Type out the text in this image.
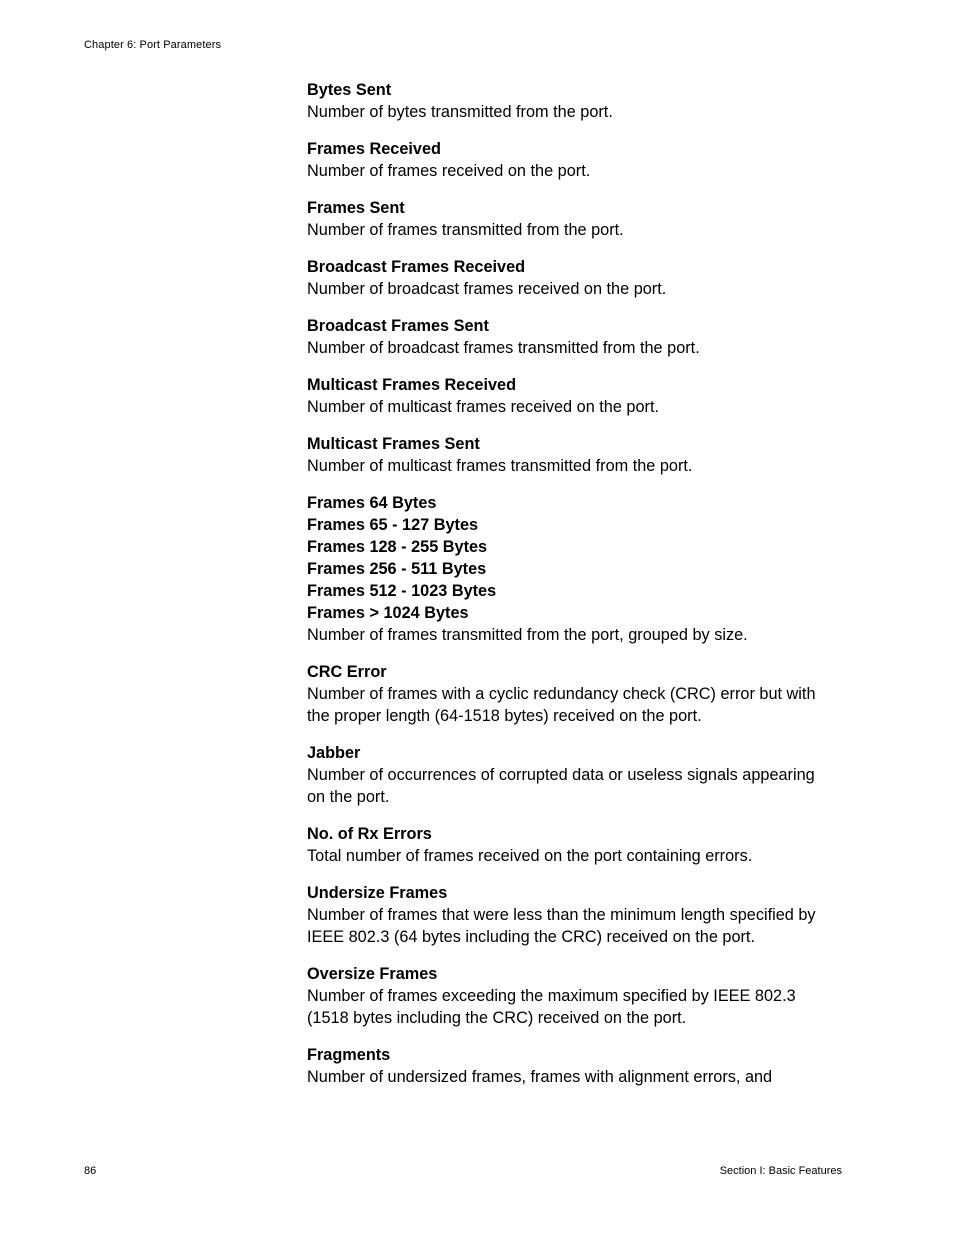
Chapter 6: Port Parameters
Bytes Sent
Number of bytes transmitted from the port.
Frames Received
Number of frames received on the port.
Frames Sent
Number of frames transmitted from the port.
Broadcast Frames Received
Number of broadcast frames received on the port.
Broadcast Frames Sent
Number of broadcast frames transmitted from the port.
Multicast Frames Received
Number of multicast frames received on the port.
Multicast Frames Sent
Number of multicast frames transmitted from the port.
Frames 64 Bytes
Frames 65 - 127 Bytes
Frames 128 - 255 Bytes
Frames 256 - 511 Bytes
Frames 512 - 1023 Bytes
Frames > 1024 Bytes
Number of frames transmitted from the port, grouped by size.
CRC Error
Number of frames with a cyclic redundancy check (CRC) error but with the proper length (64-1518 bytes) received on the port.
Jabber
Number of occurrences of corrupted data or useless signals appearing on the port.
No. of Rx Errors
Total number of frames received on the port containing errors.
Undersize Frames
Number of frames that were less than the minimum length specified by IEEE 802.3 (64 bytes including the CRC) received on the port.
Oversize Frames
Number of frames exceeding the maximum specified by IEEE 802.3 (1518 bytes including the CRC) received on the port.
Fragments
Number of undersized frames, frames with alignment errors, and
86	Section I: Basic Features
